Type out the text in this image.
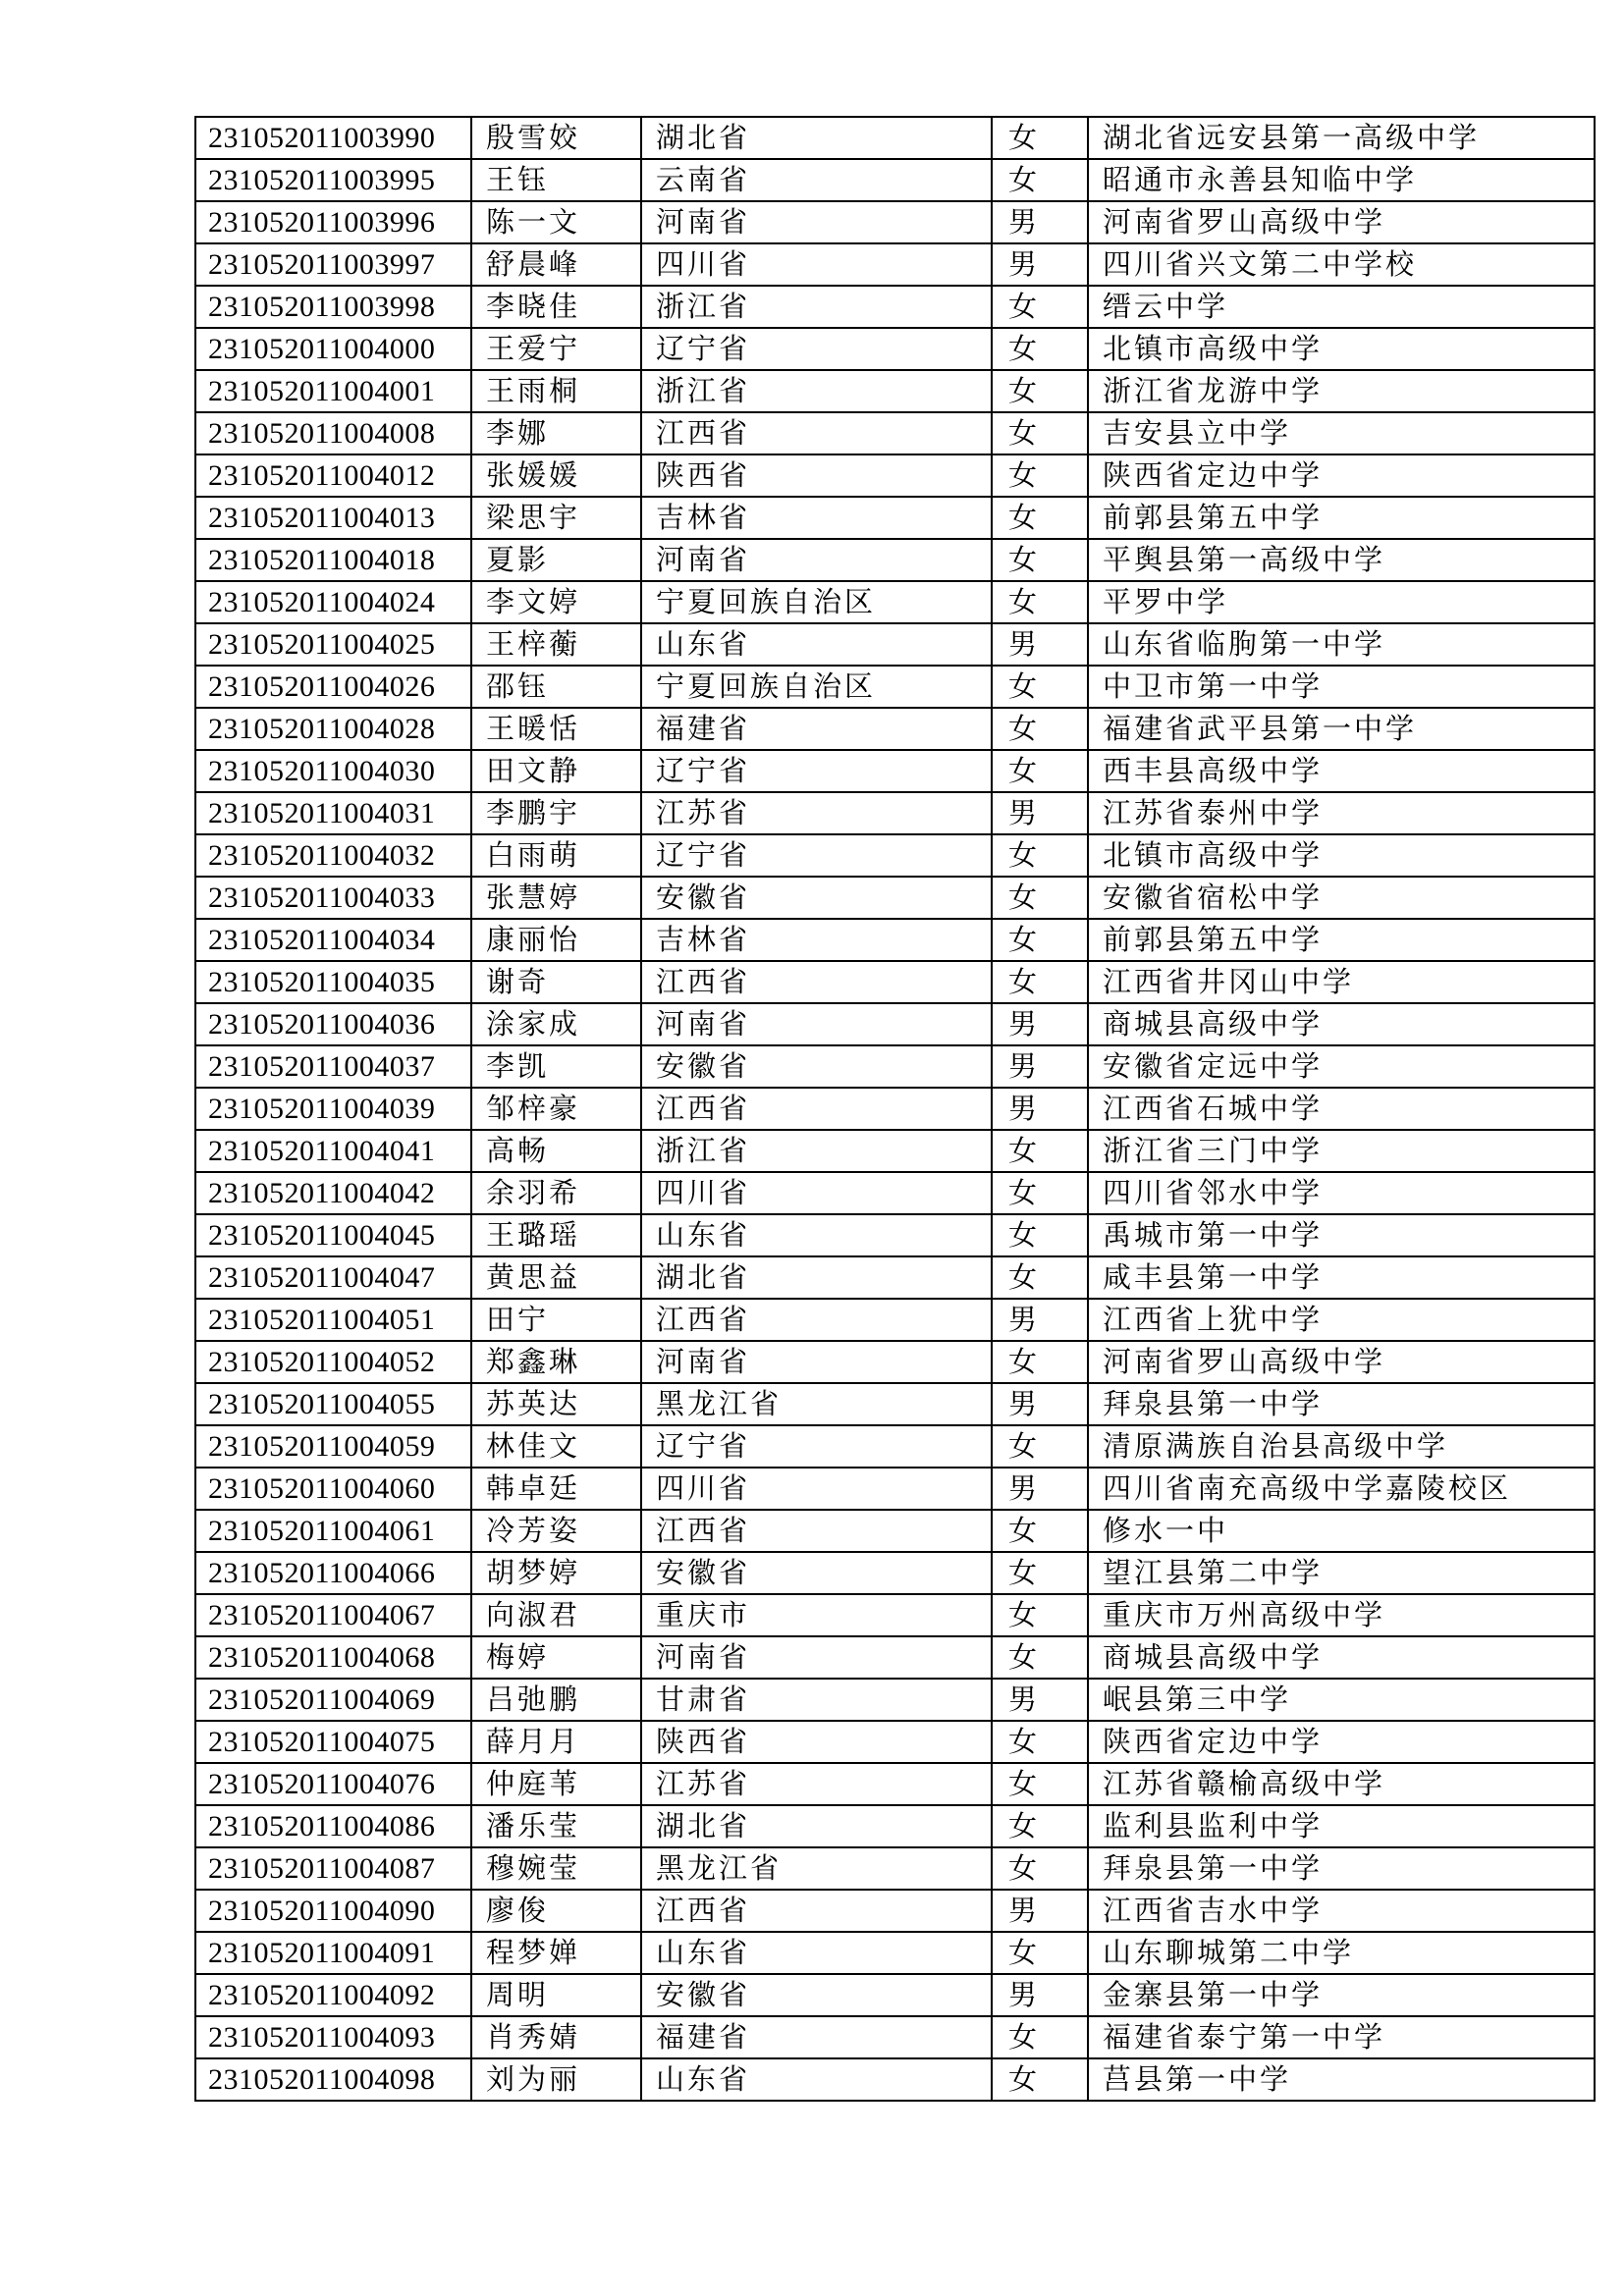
231052011003990	殷雪姣	湖北省	女	湖北省远安县第一高级中学
231052011003995	王钰	云南省	女	昭通市永善县知临中学
231052011003996	陈一文	河南省	男	河南省罗山高级中学
231052011003997	舒晨峰	四川省	男	四川省兴文第二中学校
231052011003998	李晓佳	浙江省	女	缙云中学
231052011004000	王爱宁	辽宁省	女	北镇市高级中学
231052011004001	王雨桐	浙江省	女	浙江省龙游中学
231052011004008	李娜	江西省	女	吉安县立中学
231052011004012	张媛媛	陕西省	女	陕西省定边中学
231052011004013	梁思宇	吉林省	女	前郭县第五中学
231052011004018	夏影	河南省	女	平舆县第一高级中学
231052011004024	李文婷	宁夏回族自治区	女	平罗中学
231052011004025	王梓蘅	山东省	男	山东省临朐第一中学
231052011004026	邵钰	宁夏回族自治区	女	中卫市第一中学
231052011004028	王暖恬	福建省	女	福建省武平县第一中学
231052011004030	田文静	辽宁省	女	西丰县高级中学
231052011004031	李鹏宇	江苏省	男	江苏省泰州中学
231052011004032	白雨萌	辽宁省	女	北镇市高级中学
231052011004033	张慧婷	安徽省	女	安徽省宿松中学
231052011004034	康丽怡	吉林省	女	前郭县第五中学
231052011004035	谢奇	江西省	女	江西省井冈山中学
231052011004036	涂家成	河南省	男	商城县高级中学
231052011004037	李凯	安徽省	男	安徽省定远中学
231052011004039	邹梓豪	江西省	男	江西省石城中学
231052011004041	高畅	浙江省	女	浙江省三门中学
231052011004042	余羽希	四川省	女	四川省邻水中学
231052011004045	王璐瑶	山东省	女	禹城市第一中学
231052011004047	黄思益	湖北省	女	咸丰县第一中学
231052011004051	田宁	江西省	男	江西省上犹中学
231052011004052	郑鑫琳	河南省	女	河南省罗山高级中学
231052011004055	苏英达	黑龙江省	男	拜泉县第一中学
231052011004059	林佳文	辽宁省	女	清原满族自治县高级中学
231052011004060	韩卓廷	四川省	男	四川省南充高级中学嘉陵校区
231052011004061	冷芳姿	江西省	女	修水一中
231052011004066	胡梦婷	安徽省	女	望江县第二中学
231052011004067	向淑君	重庆市	女	重庆市万州高级中学
231052011004068	梅婷	河南省	女	商城县高级中学
231052011004069	吕弛鹏	甘肃省	男	岷县第三中学
231052011004075	薛月月	陕西省	女	陕西省定边中学
231052011004076	仲庭苇	江苏省	女	江苏省赣榆高级中学
231052011004086	潘乐莹	湖北省	女	监利县监利中学
231052011004087	穆婉莹	黑龙江省	女	拜泉县第一中学
231052011004090	廖俊	江西省	男	江西省吉水中学
231052011004091	程梦婵	山东省	女	山东聊城第二中学
231052011004092	周明	安徽省	男	金寨县第一中学
231052011004093	肖秀婧	福建省	女	福建省泰宁第一中学
231052011004098	刘为丽	山东省	女	莒县第一中学
